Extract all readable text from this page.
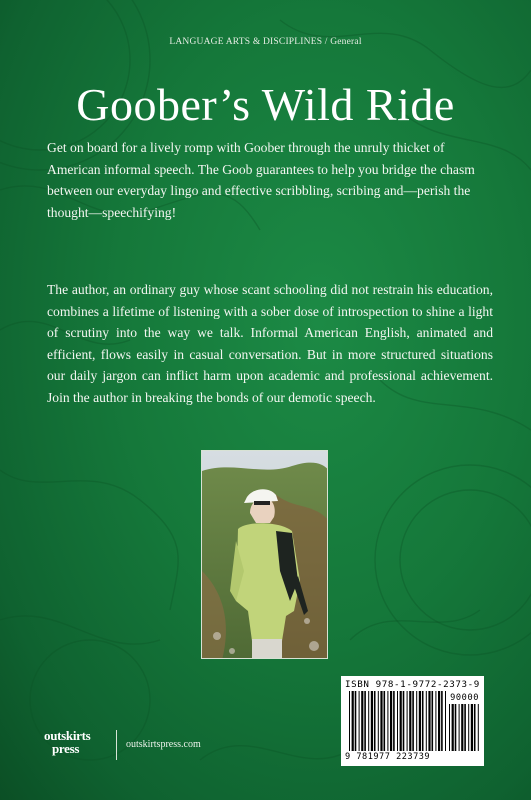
LANGUAGE ARTS & DISCIPLINES / General
Goober’s Wild Ride

Get on board for a lively romp with Goober through the unruly thicket of American informal speech. The Goob guarantees to help you bridge the chasm between our everyday lingo and effective scribbling, scribing and—perish the thought—speechifying!

The author, an ordinary guy whose scant schooling did not restrain his education, combines a lifetime of listening with a sober dose of introspection to shine a light of scrutiny into the way we talk. Informal American English, animated and efficient, flows easily in casual conversation. But in more structured situations our daily jargon can inflict harm upon academic and professional achievement. Join the author in breaking the bonds of our demotic speech.

ISBN 978-1-9772-2373-9
90000
9 781977 223739
outskirts
press	outskirtspress.com
